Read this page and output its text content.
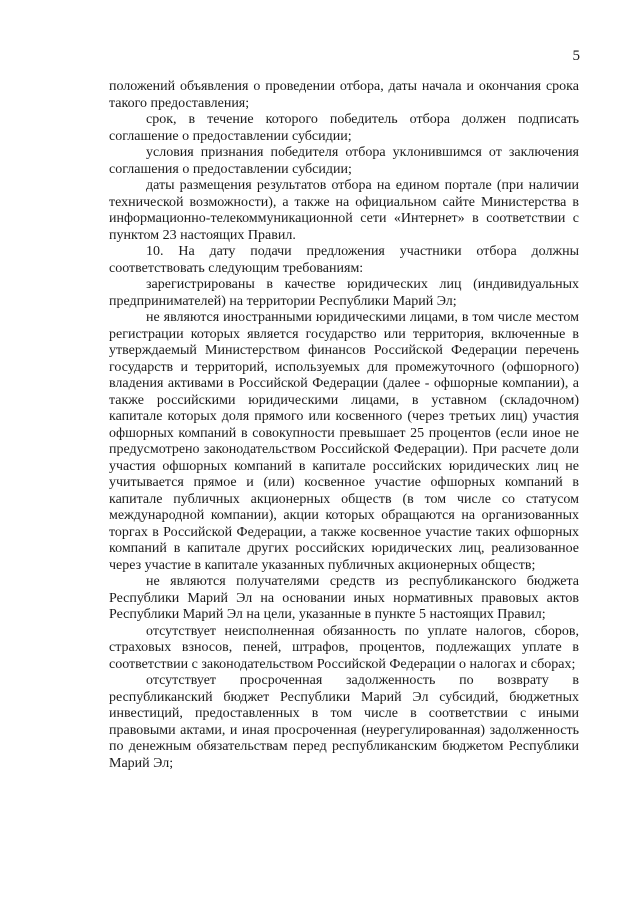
5

положений объявления о проведении отбора, даты начала и окончания срока такого предоставления;

срок, в течение которого победитель отбора должен подписать соглашение о предоставлении субсидии;

условия признания победителя отбора уклонившимся от заключения соглашения о предоставлении субсидии;

даты размещения результатов отбора на едином портале (при наличии технической возможности), а также на официальном сайте Министерства в информационно-телекоммуникационной сети «Интернет» в соответствии с пунктом 23 настоящих Правил.

10. На дату подачи предложения участники отбора должны соответствовать следующим требованиям:

зарегистрированы в качестве юридических лиц (индивидуальных предпринимателей) на территории Республики Марий Эл;

не являются иностранными юридическими лицами, в том числе местом регистрации которых является государство или территория, включенные в утверждаемый Министерством финансов Российской Федерации перечень государств и территорий, используемых для промежуточного (офшорного) владения активами в Российской Федерации (далее - офшорные компании), а также российскими юридическими лицами, в уставном (складочном) капитале которых доля прямого или косвенного (через третьих лиц) участия офшорных компаний в совокупности превышает 25 процентов (если иное не предусмотрено законодательством Российской Федерации). При расчете доли участия офшорных компаний в капитале российских юридических лиц не учитывается прямое и (или) косвенное участие офшорных компаний в капитале публичных акционерных обществ (в том числе со статусом международной компании), акции которых обращаются на организованных торгах в Российской Федерации, а также косвенное участие таких офшорных компаний в капитале других российских юридических лиц, реализованное через участие в капитале указанных публичных акционерных обществ;

не являются получателями средств из республиканского бюджета Республики Марий Эл на основании иных нормативных правовых актов Республики Марий Эл на цели, указанные в пункте 5 настоящих Правил;

отсутствует неисполненная обязанность по уплате налогов, сборов, страховых взносов, пеней, штрафов, процентов, подлежащих уплате в соответствии с законодательством Российской Федерации о налогах и сборах;

отсутствует просроченная задолженность по возврату в республиканский бюджет Республики Марий Эл субсидий, бюджетных инвестиций, предоставленных в том числе в соответствии с иными правовыми актами, и иная просроченная (неурегулированная) задолженность по денежным обязательствам перед республиканским бюджетом Республики Марий Эл;
